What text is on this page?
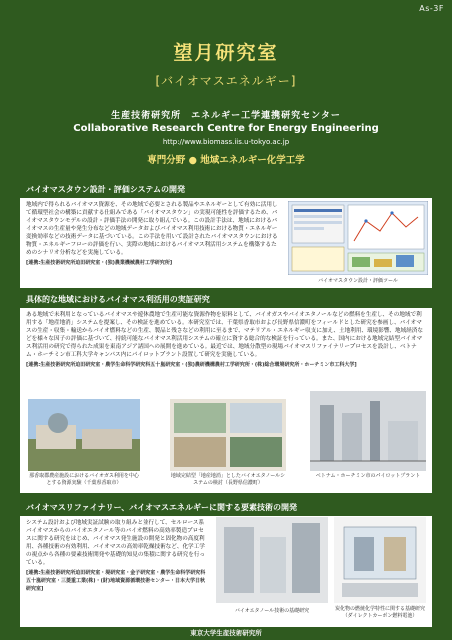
As-3F
望月研究室
[バイオマスエネルギー]
生産技術研究所　エネルギー工学連携研究センター
Collaborative Research Centre for Energy Engineering
http://www.biomass.iis.u-tokyo.ac.jp
専門分野 ● 地域エネルギー化学工学
バイオマスタウン設計・評価システムの開発
地域内で得られるバイオマス資源を、その地域で必要とされる製品やエネルギーとして有効に活用して循環型社会の構築に貢献する仕組みである「バイオマスタウン」の実現可能性を評価するため、バイオマスタウンモデルの設計・評価手法の開発に取り組んでいる。この設計手法は、地域におけるバイオマスの生産量や発生分布などの地域データおよびバイオマス利用技術における物質・エネルギー変換効率などの技術データに基づいている。この手法を用いて設計されたバイオマスタウンにおける物質・エネルギーフローの評価を行い、実際の地域におけるバイオマス利活用システムを構築するためのシナリオ分析などを実施している。
[連携:生産技術研究所迫田研究室・(独)農業機械農村工学研究所]
バイオマスタウン設計・評価ツール
具体的な地域におけるバイオマス利活用の実証研究
ある地域で未利用となっているバイオマスや遊休農地で生産可能な資源作物を原料として、バイオガスやバイオエタノールなどの燃料を生産し、その地域で利用する「地産地消」システムを提案し、その検証を進めている。本研究室では、千葉県香取市および長野県信濃町をフィールドとした研究を参画し、バイオマスの生産・収集・輸送からバイオ燃料などの生産、製品と残さなどの利用に至るまで、マテリアル・エネルギー収支に加え、土地利用、環境影響、地域経済などを様々な因子の評価に基づいて、持続可能なバイオマス利活用システムの確立に資する総合的な検証を行っている。また、国内における地域完結型バイオマス利活用の研究で得られた成果を東南アジア諸国への展開を進めている。最近では、地域分散型の現場バイオマスリファイナリープロセスを設計し、ベトナム・ホーチミン市工科大学キャンパス内にパイロットプラント設置して研究を実施している。
[連携:生産技術研究所迫田研究室・農学生命科学研究科五十嵐研究室・(独)農研機構農村工学研究所・(株)総合環境研究所・ホーチミン市工科大学]
那香取郡農産施設におけるバイオガス利用を中心とする資源実験（千葉県香取市）
地域完結型「地産地消」としたバイオエタノールシステムの検討（長野県信濃町）
ベトナム・ホーチミン市のパイロットプラント
バイオマスリファイナリー、バイオマスエネルギーに関する要素技術の開発
システム設計および地域実証試験の取り組みと並行して、セルロース系バイオマスからのバイオエタノール等のバイオ燃料の高効率製造プロセスに関する研究をはじめ、バイオマス発生施設の開発と固化物の高度利用、各種技術の有効利用、バイオマスの高効率乾燥技術など、化学工学の視点から各種の要素技術開発や基礎的知見の集積に関する研究を行っている。
[連携:生産技術研究所迫田研究室・堤研究室・金子研究室・農学生命科学研究科五十嵐研究室・三菱重工業(株)・(財)地域資源循環技術センター・日本大学日秋研究室]
バイオエタノール技術の基礎研究	炭化物の燃焼化学特性に関する基礎研究（ダイレクトカーボン燃料電池）
東京大学生産技術研究所
